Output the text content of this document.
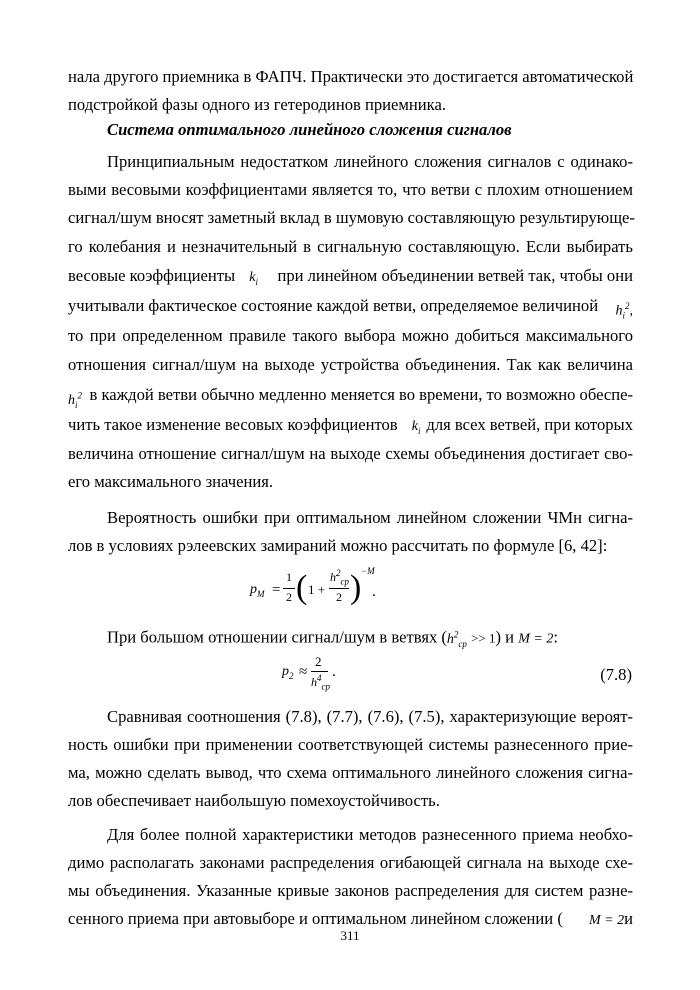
нала другого приемника в ФАПЧ. Практически это достигается автоматической
подстройкой фазы одного из гетеродинов приемника.
Система оптимального линейного сложения сигналов
Принципиальным недостатком линейного сложения сигналов с одинако-
выми весовыми коэффициентами является то, что ветви с плохим отношением
сигнал/шум вносят заметный вклад в шумовую составляющую результирующе-
го колебания и незначительный в сигнальную составляющую. Если выбирать
весовые коэффициенты $k_i$ при линейном объединении ветвей так, чтобы они
учитывали фактическое состояние каждой ветви, определяемое величиной $h_i^2$,
то при определенном правиле такого выбора можно добиться максимального
отношения сигнал/шум на выходе устройства объединения. Так как величина
$h_i^2$ в каждой ветви обычно медленно меняется во времени, то возможно обеспе-
чить такое изменение весовых коэффициентов $k_i$ для всех ветвей, при которых
величина отношение сигнал/шум на выходе схемы объединения достигает сво-
его максимального значения.
Вероятность ошибки при оптимальном линейном сложении ЧМн сигна-
лов в условиях рэлеевских замираний можно рассчитать по формуле [6, 42]:
$p_M$ =
1
2 ( 1 +
$h^2_{ср}$
2 ) −M
.
При большом отношении сигнал/шум в ветвях $(h^2_{ср} >> 1)$ и M = 2:
$p_2$ ≈
2
$h^4_{ср}$
.	(7.8)
Сравнивая соотношения (7.8), (7.7), (7.6), (7.5), характеризующие вероят-
ность ошибки при применении соответствующей системы разнесенного прие-
ма, можно сделать вывод, что схема оптимального линейного сложения сигна-
лов обеспечивает наибольшую помехоустойчивость.
Для более полной характеристики методов разнесенного приема необхо-
димо располагать законами распределения огибающей сигнала на выходе схе-
мы объединения. Указанные кривые законов распределения для систем разне-
сенного приема при автовыборе и оптимальном линейном сложении ( M = 2и
311
